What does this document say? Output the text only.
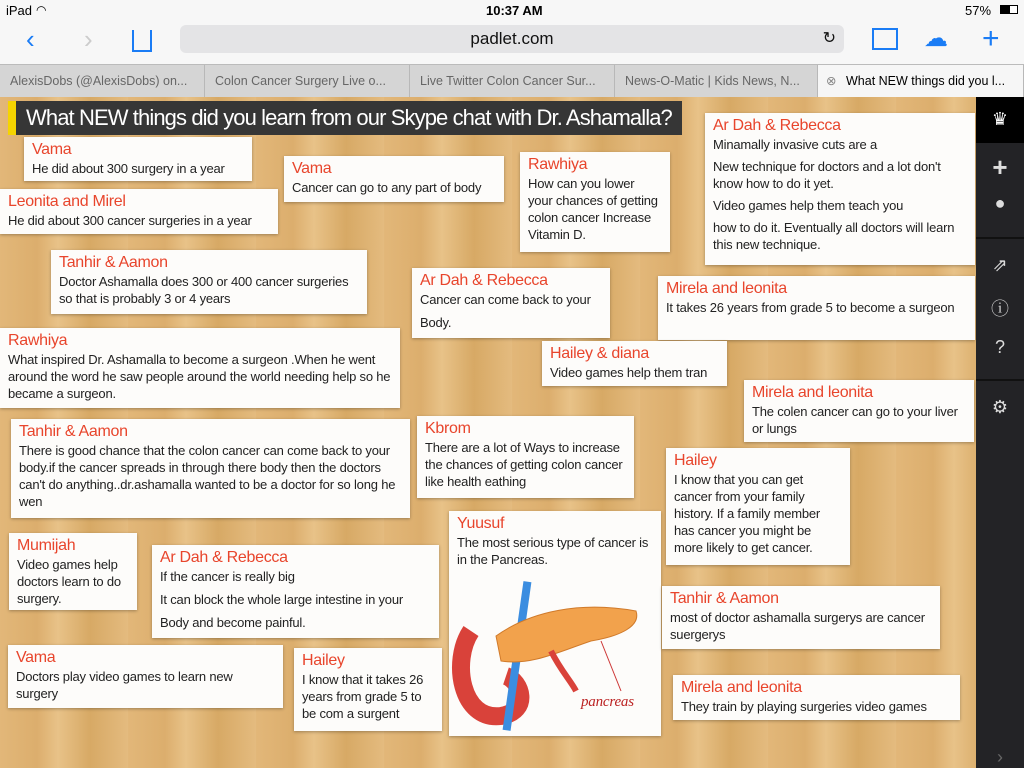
iPad ◠	10:37 AM	57%
‹ ›	padlet.com	↻	☁ +
AlexisDobs (@AlexisDobs) on...	Colon Cancer Surgery Live o...	Live Twitter Colon Cancer Sur...	News-O-Matic | Kids News, N...	⊗ What NEW things did you l...
What NEW things did you learn from our Skype chat with Dr. Ashamalla?
Vama

He did about 300 surgery in a year

Leonita and Mirel

He did about 300 cancer surgeries in a year

Vama

Cancer can go to any part of body

Rawhiya

How can you lower your chances of getting colon cancer Increase Vitamin D.

Ar Dah & Rebecca

Minamally invasive cuts are a

New technique for doctors and a lot don't know how to do it yet.

Video games help them teach you

how to do it. Eventually all doctors will learn this new technique.

Tanhir & Aamon

Doctor Ashamalla does 300 or 400 cancer surgeries so that is probably 3 or 4 years

Ar Dah & Rebecca

Cancer can come back to your

Body.

Mirela and leonita

It takes 26 years from grade 5 to become a surgeon

Rawhiya

What inspired Dr. Ashamalla to become a surgeon .When he went around the word he saw people around the world needing help so he became a surgeon.

Hailey & diana

Video games help them tran

Mirela and leonita

The colen cancer can go to your liver or lungs

Tanhir & Aamon

There is good chance that the colon cancer can come back to your body.if the cancer spreads in through there body then the doctors can't do anything..dr.ashamalla wanted to be a doctor for so long he wen

Kbrom

There are a lot of Ways to increase the chances of getting colon cancer like health eathing

Hailey

I know that you can get cancer from your family history. If a family member has cancer you might be more likely to get cancer.

Yuusuf

The most serious type of cancer is in the Pancreas.

pancreas
Mumijah

Video games help doctors learn to do surgery.

Ar Dah & Rebecca

If the cancer is really big

It can block the whole large intestine in your

Body and become painful.

Tanhir & Aamon

most of doctor ashamalla surgerys are cancer suergerys

Vama

Doctors play video games to learn new surgery

Hailey

I know that it takes 26 years from grade 5 to be com a surgent

Mirela and leonita

They train by playing surgeries video games

♛
+
●
⇗
ⓘ
?
⚙
›
